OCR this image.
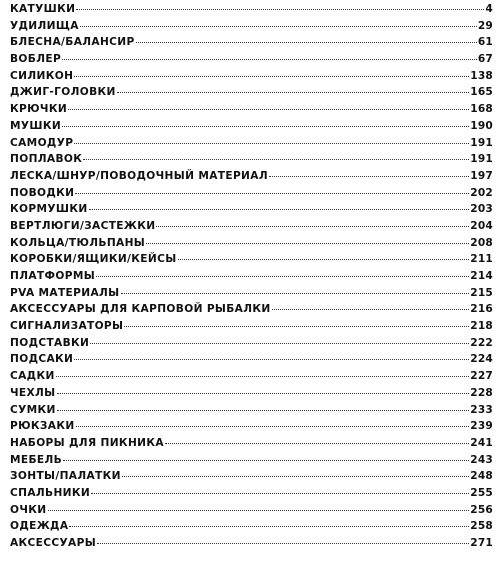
КАТУШКИ	4
УДИЛИЩА	29
БЛЕСНА/БАЛАНСИР	61
ВОБЛЕР	67
СИЛИКОН	138
ДЖИГ-ГОЛОВКИ	165
КРЮЧКИ	168
МУШКИ	190
САМОДУР	191
ПОПЛАВОК	191
ЛЕСКА/ШНУР/ПОВОДОЧНЫЙ МАТЕРИАЛ	197
ПОВОДКИ	202
КОРМУШКИ	203
ВЕРТЛЮГИ/ЗАСТЕЖКИ	204
КОЛЬЦА/ТЮЛЬПАНЫ	208
КОРОБКИ/ЯЩИКИ/КЕЙСЫ	211
ПЛАТФОРМЫ	214
PVA МАТЕРИАЛЫ	215
АКСЕССУАРЫ ДЛЯ КАРПОВОЙ РЫБАЛКИ	216
СИГНАЛИЗАТОРЫ	218
ПОДСТАВКИ	222
ПОДСАКИ	224
САДКИ	227
ЧЕХЛЫ	228
СУМКИ	233
РЮКЗАКИ	239
НАБОРЫ ДЛЯ ПИКНИКА	241
МЕБЕЛЬ	243
ЗОНТЫ/ПАЛАТКИ	248
СПАЛЬНИКИ	255
ОЧКИ	256
ОДЕЖДА	258
АКСЕССУАРЫ	271
